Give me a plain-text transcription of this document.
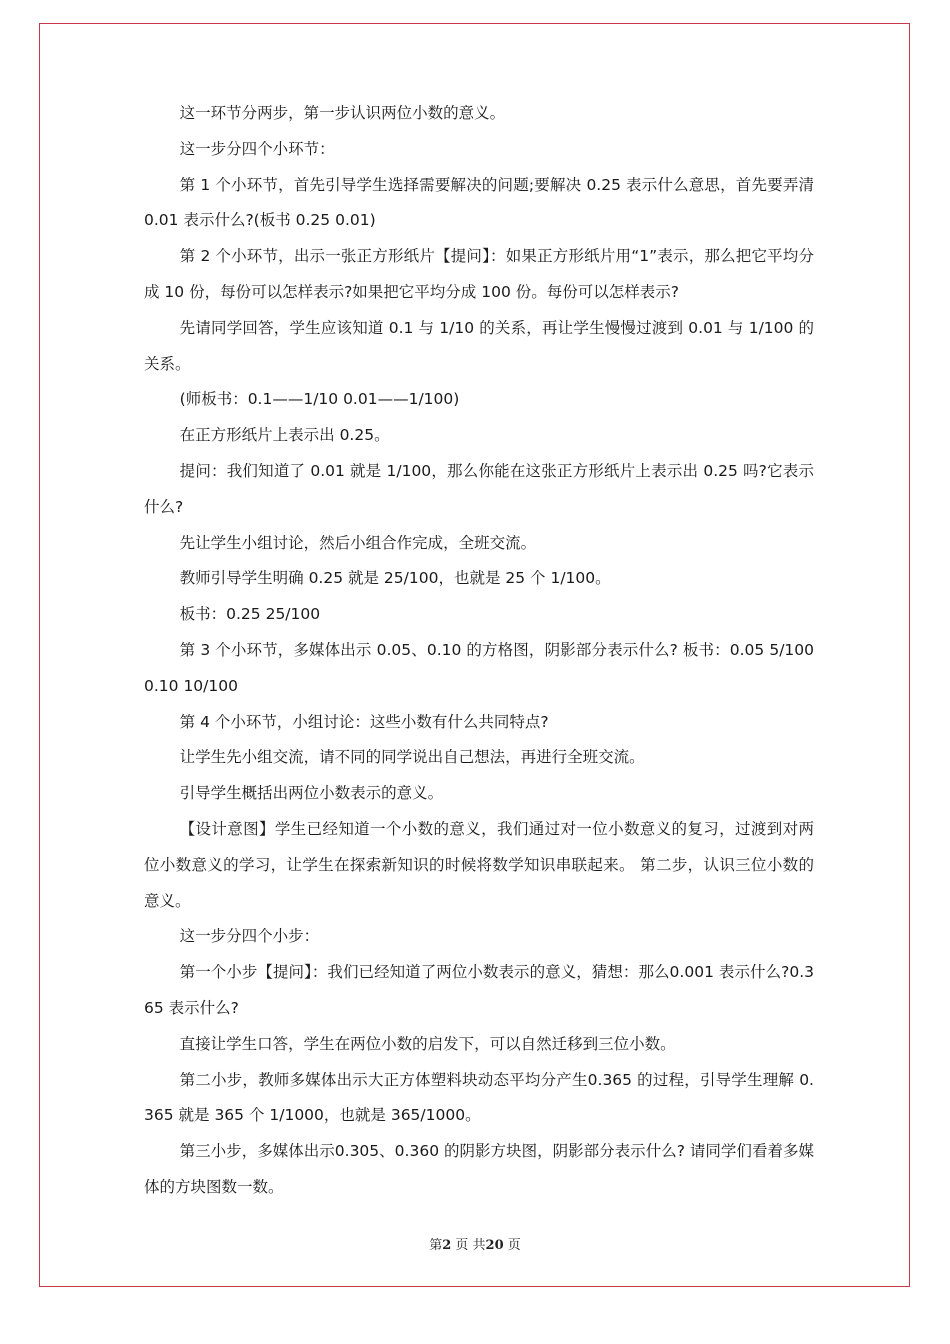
这一环节分两步，第一步认识两位小数的意义。

这一步分四个小环节：

第 1 个小环节，首先引导学生选择需要解决的问题;要解决 0.25 表示什么意思，首先要弄清 0.01 表示什么?(板书 0.25 0.01)

第 2 个小环节，出示一张正方形纸片【提问】：如果正方形纸片用“1”表示，那么把它平均分成 10 份，每份可以怎样表示?如果把它平均分成 100 份。每份可以怎样表示?

先请同学回答，学生应该知道 0.1 与 1/10 的关系，再让学生慢慢过渡到 0.01 与 1/100 的关系。

(师板书：0.1——1/10 0.01——1/100)

在正方形纸片上表示出 0.25。

提问：我们知道了 0.01 就是 1/100，那么你能在这张正方形纸片上表示出 0.25 吗?它表示什么?

先让学生小组讨论，然后小组合作完成，全班交流。

教师引导学生明确 0.25 就是 25/100，也就是 25 个 1/100。

板书：0.25 25/100

第 3 个小环节，多媒体出示 0.05、0.10 的方格图，阴影部分表示什么? 板书：0.05 5/1000.10 10/100

第 4 个小环节，小组讨论：这些小数有什么共同特点?

让学生先小组交流，请不同的同学说出自己想法，再进行全班交流。

引导学生概括出两位小数表示的意义。

【设计意图】学生已经知道一个小数的意义，我们通过对一位小数意义的复习，过渡到对两位小数意义的学习，让学生在探索新知识的时候将数学知识串联起来。 第二步，认识三位小数的意义。

这一步分四个小步：

第一个小步【提问】：我们已经知道了两位小数表示的意义，猜想：那么0.001 表示什么?0.365 表示什么?

直接让学生口答，学生在两位小数的启发下，可以自然迁移到三位小数。

第二小步，教师多媒体出示大正方体塑料块动态平均分产生0.365 的过程，引导学生理解 0.365 就是 365 个 1/1000，也就是 365/1000。

第三小步，多媒体出示0.305、0.360 的阴影方块图，阴影部分表示什么? 请同学们看着多媒体的方块图数一数。

第2 页 共20 页
